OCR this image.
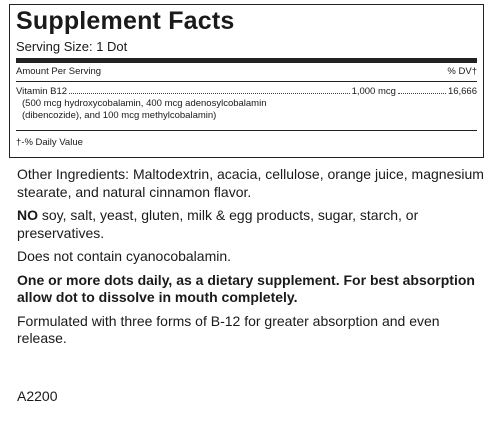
Supplement Facts
Serving Size: 1 Dot
Amount Per Serving	% DV†
Vitamin B12	1,000 mcg	16,666
(500 mcg hydroxycobalamin, 400 mcg adenosylcobalamin
(dibencozide), and 100 mcg methylcobalamin)
†-% Daily Value

Other Ingredients: Maltodextrin, acacia, cellulose, orange juice, magnesium stearate, and natural cinnamon flavor.

NO soy, salt, yeast, gluten, milk & egg products, sugar, starch, or preservatives.

Does not contain cyanocobalamin.

One or more dots daily, as a dietary supplement. For best absorption allow dot to dissolve in mouth completely.

Formulated with three forms of B-12 for greater absorption and even release.

A2200
